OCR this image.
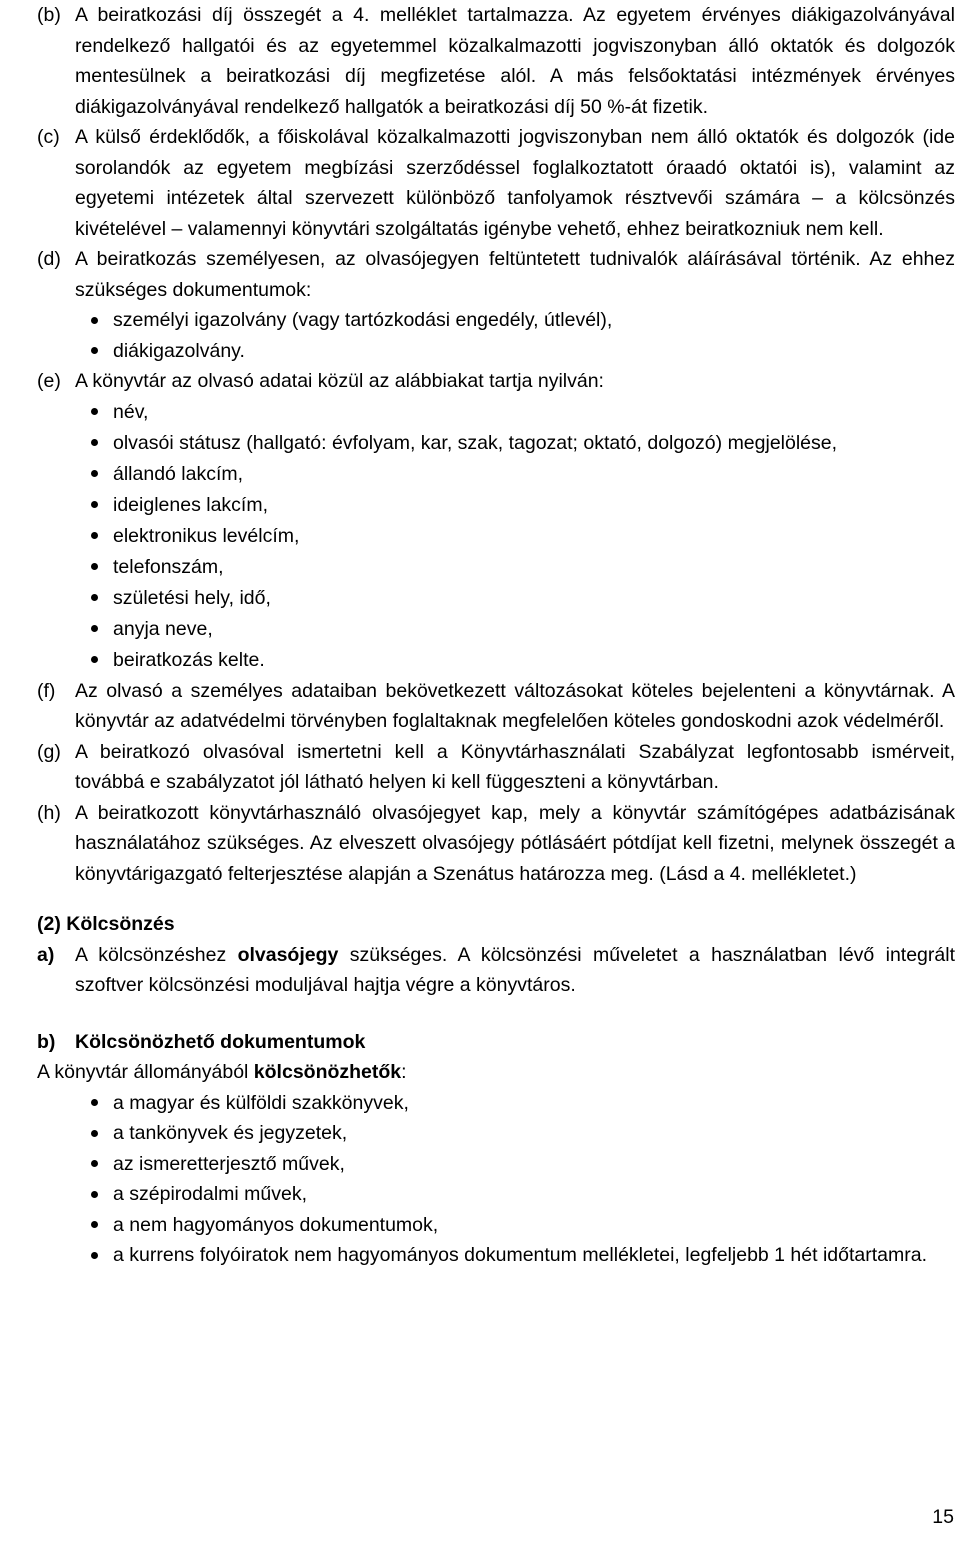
(b) A beiratkozási díj összegét a 4. melléklet tartalmazza. Az egyetem érvényes diákigazolványával rendelkező hallgatói és az egyetemmel közalkalmazotti jogviszonyban álló oktatók és dolgozók mentesülnek a beiratkozási díj megfizetése alól. A más felsőoktatási intézmények érvényes diákigazolványával rendelkező hallgatók a beiratkozási díj 50 %-át fizetik.

(c) A külső érdeklődők, a főiskolával közalkalmazotti jogviszonyban nem álló oktatók és dolgozók (ide sorolandók az egyetem megbízási szerződéssel foglalkoztatott óraadó oktatói is), valamint az egyetemi intézetek által szervezett különböző tanfolyamok résztvevői számára – a kölcsönzés kivételével – valamennyi könyvtári szolgáltatás igénybe vehető, ehhez beiratkozniuk nem kell.

(d) A beiratkozás személyesen, az olvasójegyen feltüntetett tudnivalók aláírásával történik. Az ehhez szükséges dokumentumok:

személyi igazolvány (vagy tartózkodási engedély, útlevél),
diákigazolvány.
(e) A könyvtár az olvasó adatai közül az alábbiakat tartja nyilván:

név,
olvasói státusz (hallgató: évfolyam, kar, szak, tagozat; oktató, dolgozó) megjelölése,
állandó lakcím,
ideiglenes lakcím,
elektronikus levélcím,
telefonszám,
születési hely, idő,
anyja neve,
beiratkozás kelte.
(f)	Az olvasó a személyes adataiban bekövetkezett változásokat köteles bejelenteni a könyvtárnak. A könyvtár az adatvédelmi törvényben foglaltaknak megfelelően köteles gondoskodni azok védelméről.

(g) A beiratkozó olvasóval ismertetni kell a Könyvtárhasználati Szabályzat legfontosabb ismérveit, továbbá e szabályzatot jól látható helyen ki kell függeszteni a könyvtárban.

(h) A beiratkozott könyvtárhasználó olvasójegyet kap, mely a könyvtár számítógépes adatbázisának használatához szükséges. Az elveszett olvasójegy pótlásáért pótdíjat kell fizetni, melynek összegét a könyvtárigazgató felterjesztése alapján a Szenátus határozza meg. (Lásd a 4. mellékletet.)

(2) Kölcsönzés

a)	A kölcsönzéshez olvasójegy szükséges. A kölcsönzési műveletet a használatban lévő integrált szoftver kölcsönzési moduljával hajtja végre a könyvtáros.

b)	Kölcsönözhető dokumentumok

A könyvtár állományából kölcsönözhetők:

a magyar és külföldi szakkönyvek,
a tankönyvek és jegyzetek,
az ismeretterjesztő művek,
a szépirodalmi művek,
a nem hagyományos dokumentumok,
a kurrens folyóiratok nem hagyományos dokumentum mellékletei, legfeljebb 1 hét időtartamra.
15
